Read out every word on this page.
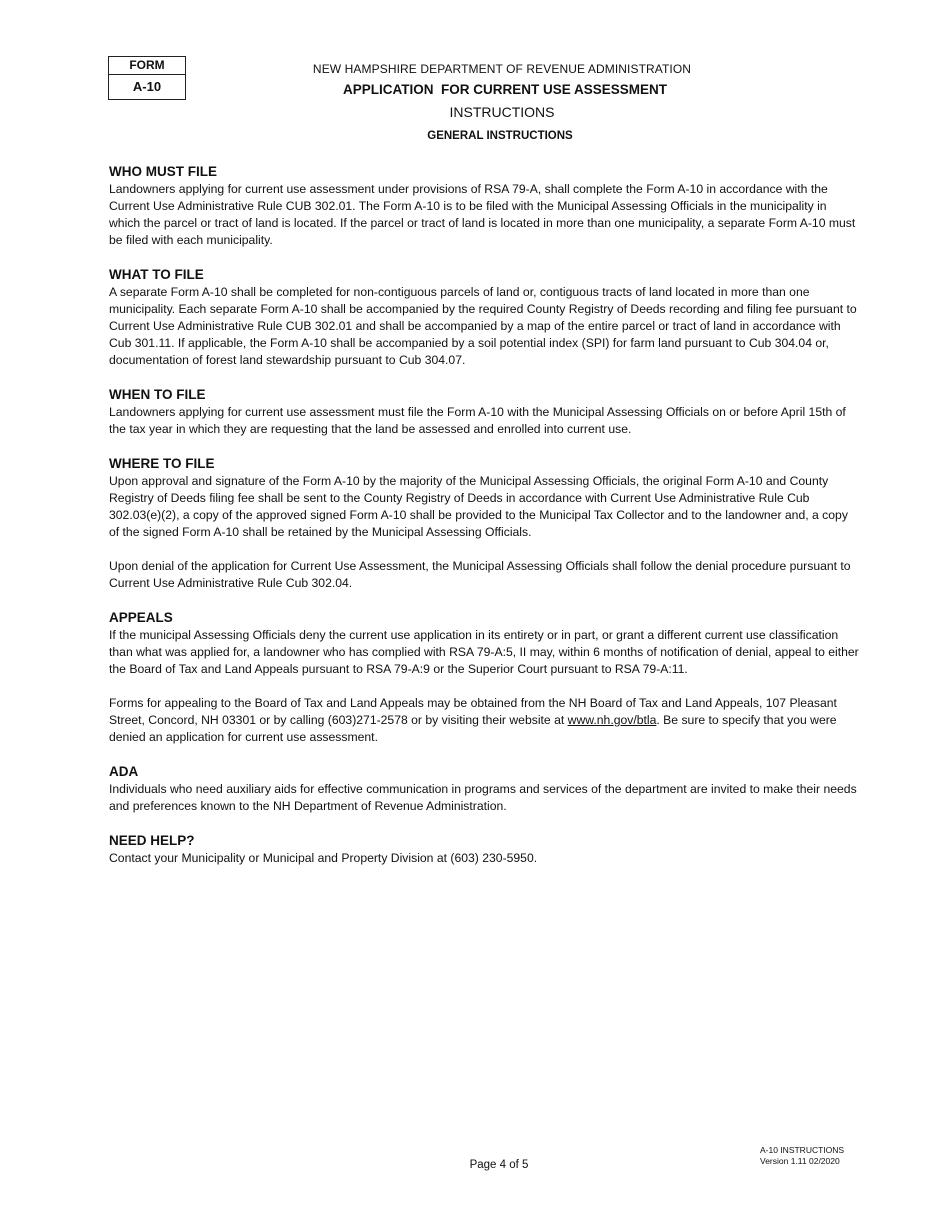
FORM
A-10
NEW HAMPSHIRE DEPARTMENT OF REVENUE ADMINISTRATION
APPLICATION  FOR CURRENT USE ASSESSMENT
INSTRUCTIONS
GENERAL INSTRUCTIONS
WHO MUST FILE

Landowners applying for current use assessment under provisions of RSA 79-A, shall complete the Form A-10 in accordance with the Current Use Administrative Rule CUB 302.01. The Form A-10 is to be filed with the Municipal Assessing Officials in the municipality in which the parcel or tract of land is located. If the parcel or tract of land is located in more than one municipality, a separate Form A-10 must be filed with each municipality.

WHAT TO FILE

A separate Form A-10 shall be completed for non-contiguous parcels of land or, contiguous tracts of land located in more than one municipality. Each separate Form A-10 shall be accompanied by the required County Registry of Deeds recording and filing fee pursuant to Current Use Administrative Rule CUB 302.01 and shall be accompanied by a map of the entire parcel or tract of land in accordance with Cub 301.11. If applicable, the Form A-10 shall be accompanied by a soil potential index (SPI) for farm land pursuant to Cub 304.04 or, documentation of forest land stewardship pursuant to Cub 304.07.

WHEN TO FILE

Landowners applying for current use assessment must file the Form A-10 with the Municipal Assessing Officials on or before April 15th of the tax year in which they are requesting that the land be assessed and enrolled into current use.

WHERE TO FILE

Upon approval and signature of the Form A-10 by the majority of the Municipal Assessing Officials, the original Form A-10 and County Registry of Deeds filing fee shall be sent to the County Registry of Deeds in accordance with Current Use Administrative Rule Cub 302.03(e)(2), a copy of the approved signed Form A-10 shall be provided to the Municipal Tax Collector and to the landowner and, a copy of the signed Form A-10 shall be retained by the Municipal Assessing Officials.

Upon denial of the application for Current Use Assessment, the Municipal Assessing Officials shall follow the denial procedure pursuant to Current Use Administrative Rule Cub 302.04.

APPEALS

If the municipal Assessing Officials deny the current use application in its entirety or in part, or grant a different current use classification than what was applied for, a landowner who has complied with RSA 79-A:5, II may, within 6 months of notification of denial, appeal to either the Board of Tax and Land Appeals pursuant to RSA 79-A:9 or the Superior Court pursuant to RSA 79-A:11.

Forms for appealing to the Board of Tax and Land Appeals may be obtained from the NH Board of Tax and Land Appeals, 107 Pleasant Street, Concord, NH 03301 or by calling (603)271-2578 or by visiting their website at www.nh.gov/btla. Be sure to specify that you were denied an application for current use assessment.

ADA

Individuals who need auxiliary aids for effective communication in programs and services of the department are invited to make their needs and preferences known to the NH Department of Revenue Administration.

NEED HELP?

Contact your Municipality or Municipal and Property Division at (603) 230-5950.

Page 4 of 5
A-10 INSTRUCTIONS
Version 1.11 02/2020
